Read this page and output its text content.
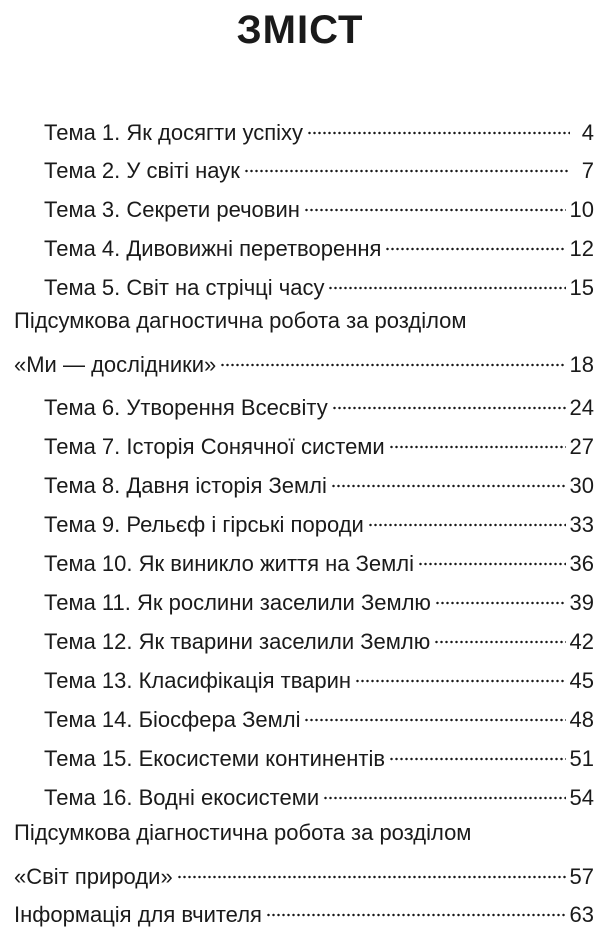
ЗМІСТ
Тема 1. Як досягти успіху	4
Тема 2. У світі наук	7
Тема 3. Секрети речовин	10
Тема 4. Дивовижні перетворення	12
Тема 5. Світ на стрічці часу	15
Підсумкова дагностична робота за розділом
«Ми — дослідники»	18
Тема 6. Утворення Всесвіту	24
Тема 7. Історія Сонячної системи	27
Тема 8. Давня історія Землі	30
Тема 9. Рельєф і гірські породи	33
Тема 10. Як виникло життя на Землі	36
Тема 11. Як рослини заселили Землю	39
Тема 12. Як тварини заселили Землю	42
Тема 13. Класифікація тварин	45
Тема 14. Біосфера Землі	48
Тема 15. Екосистеми континентів	51
Тема 16. Водні екосистеми	54
Підсумкова діагностична робота за розділом
«Світ природи»	57
Інформація для вчителя	63
